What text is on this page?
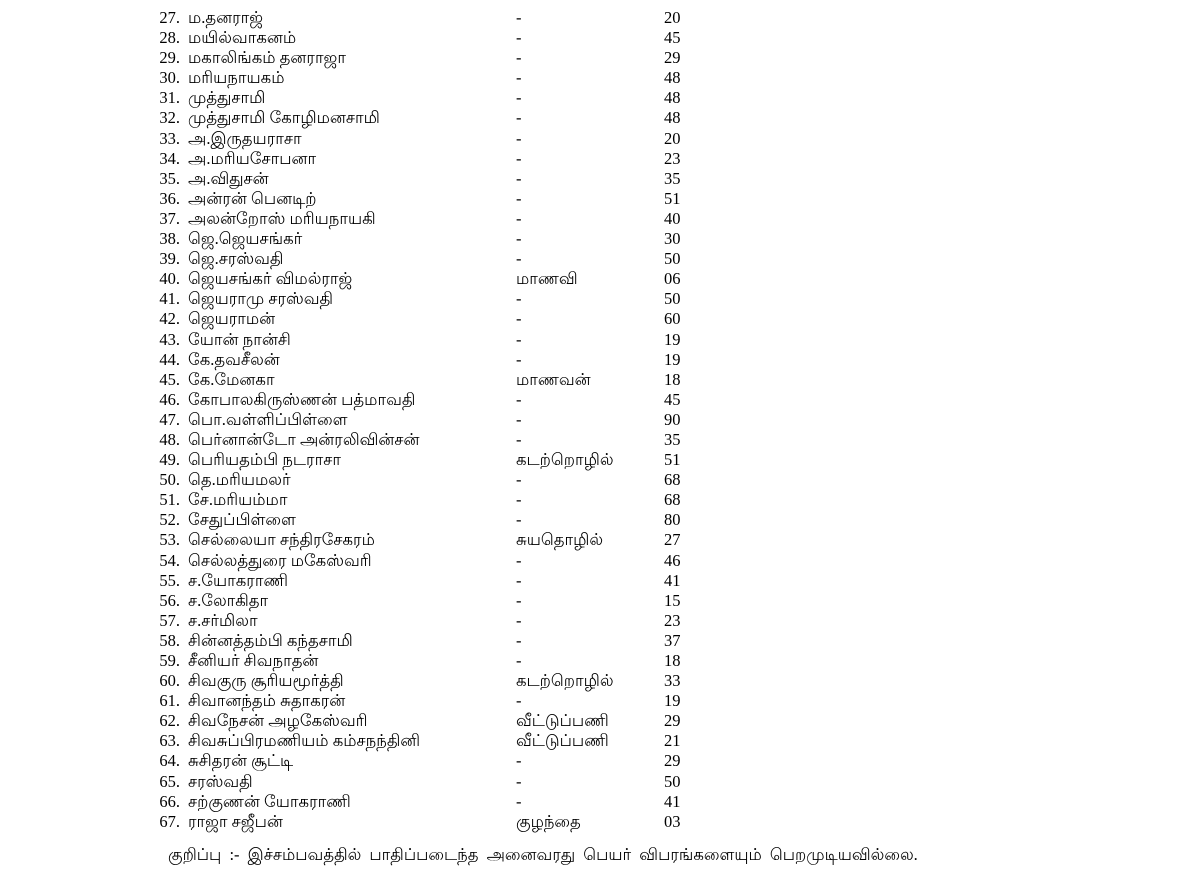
27. ம.தனராஜ்	-	20
28. மயில்வாகனம்	-	45
29. மகாலிங்கம் தனராஜா	-	29
30. மரியநாயகம்	-	48
31. முத்துசாமி	-	48
32. முத்துசாமி கோழிமனசாமி	-	48
33. அ.இருதயராசா	-	20
34. அ.மரியசோபனா	-	23
35. அ.விதுசன்	-	35
36. அன்ரன் பெனடிற்	-	51
37. அலன்றோஸ் மரியநாயகி	-	40
38. ஜெ.ஜெயசங்கர்	-	30
39. ஜெ.சரஸ்வதி	-	50
40. ஜெயசங்கர் விமல்ராஜ்	மாணவி	06
41. ஜெயராமு சரஸ்வதி	-	50
42. ஜெயராமன்	-	60
43. யோன் நான்சி	-	19
44. கே.தவசீலன்	-	19
45. கே.மேனகா	மாணவன்	18
46. கோபாலகிருஸ்ணன் பத்மாவதி	-	45
47. பொ.வள்ளிப்பிள்ளை	-	90
48. பெர்னான்டோ அன்ரலிவின்சன்	-	35
49. பெரியதம்பி நடராசா	கடற்றொழில்	51
50. தெ.மரியமலர்	-	68
51. சே.மரியம்மா	-	68
52. சேதுப்பிள்ளை	-	80
53. செல்லையா சந்திரசேகரம்	சுயதொழில்	27
54. செல்லத்துரை மகேஸ்வரி	-	46
55. ச.யோகராணி	-	41
56. ச.லோகிதா	-	15
57. ச.சர்மிலா	-	23
58. சின்னத்தம்பி கந்தசாமி	-	37
59. சீனியர் சிவநாதன்	-	18
60. சிவகுரு சூரியமூர்த்தி	கடற்றொழில்	33
61. சிவானந்தம் சுதாகரன்	-	19
62. சிவநேசன் அழகேஸ்வரி	வீட்டுப்பணி	29
63. சிவசுப்பிரமணியம் கம்சநந்தினி	வீட்டுப்பணி	21
64. சுசிதரன் சூட்டி	-	29
65. சரஸ்வதி	-	50
66. சற்குணன் யோகராணி	-	41
67. ராஜா சஜீபன்	குழந்தை	03
குறிப்பு :- இச்சம்பவத்தில் பாதிப்படைந்த அனைவரது பெயர் விபரங்களையும் பெறமுடியவில்லை.
